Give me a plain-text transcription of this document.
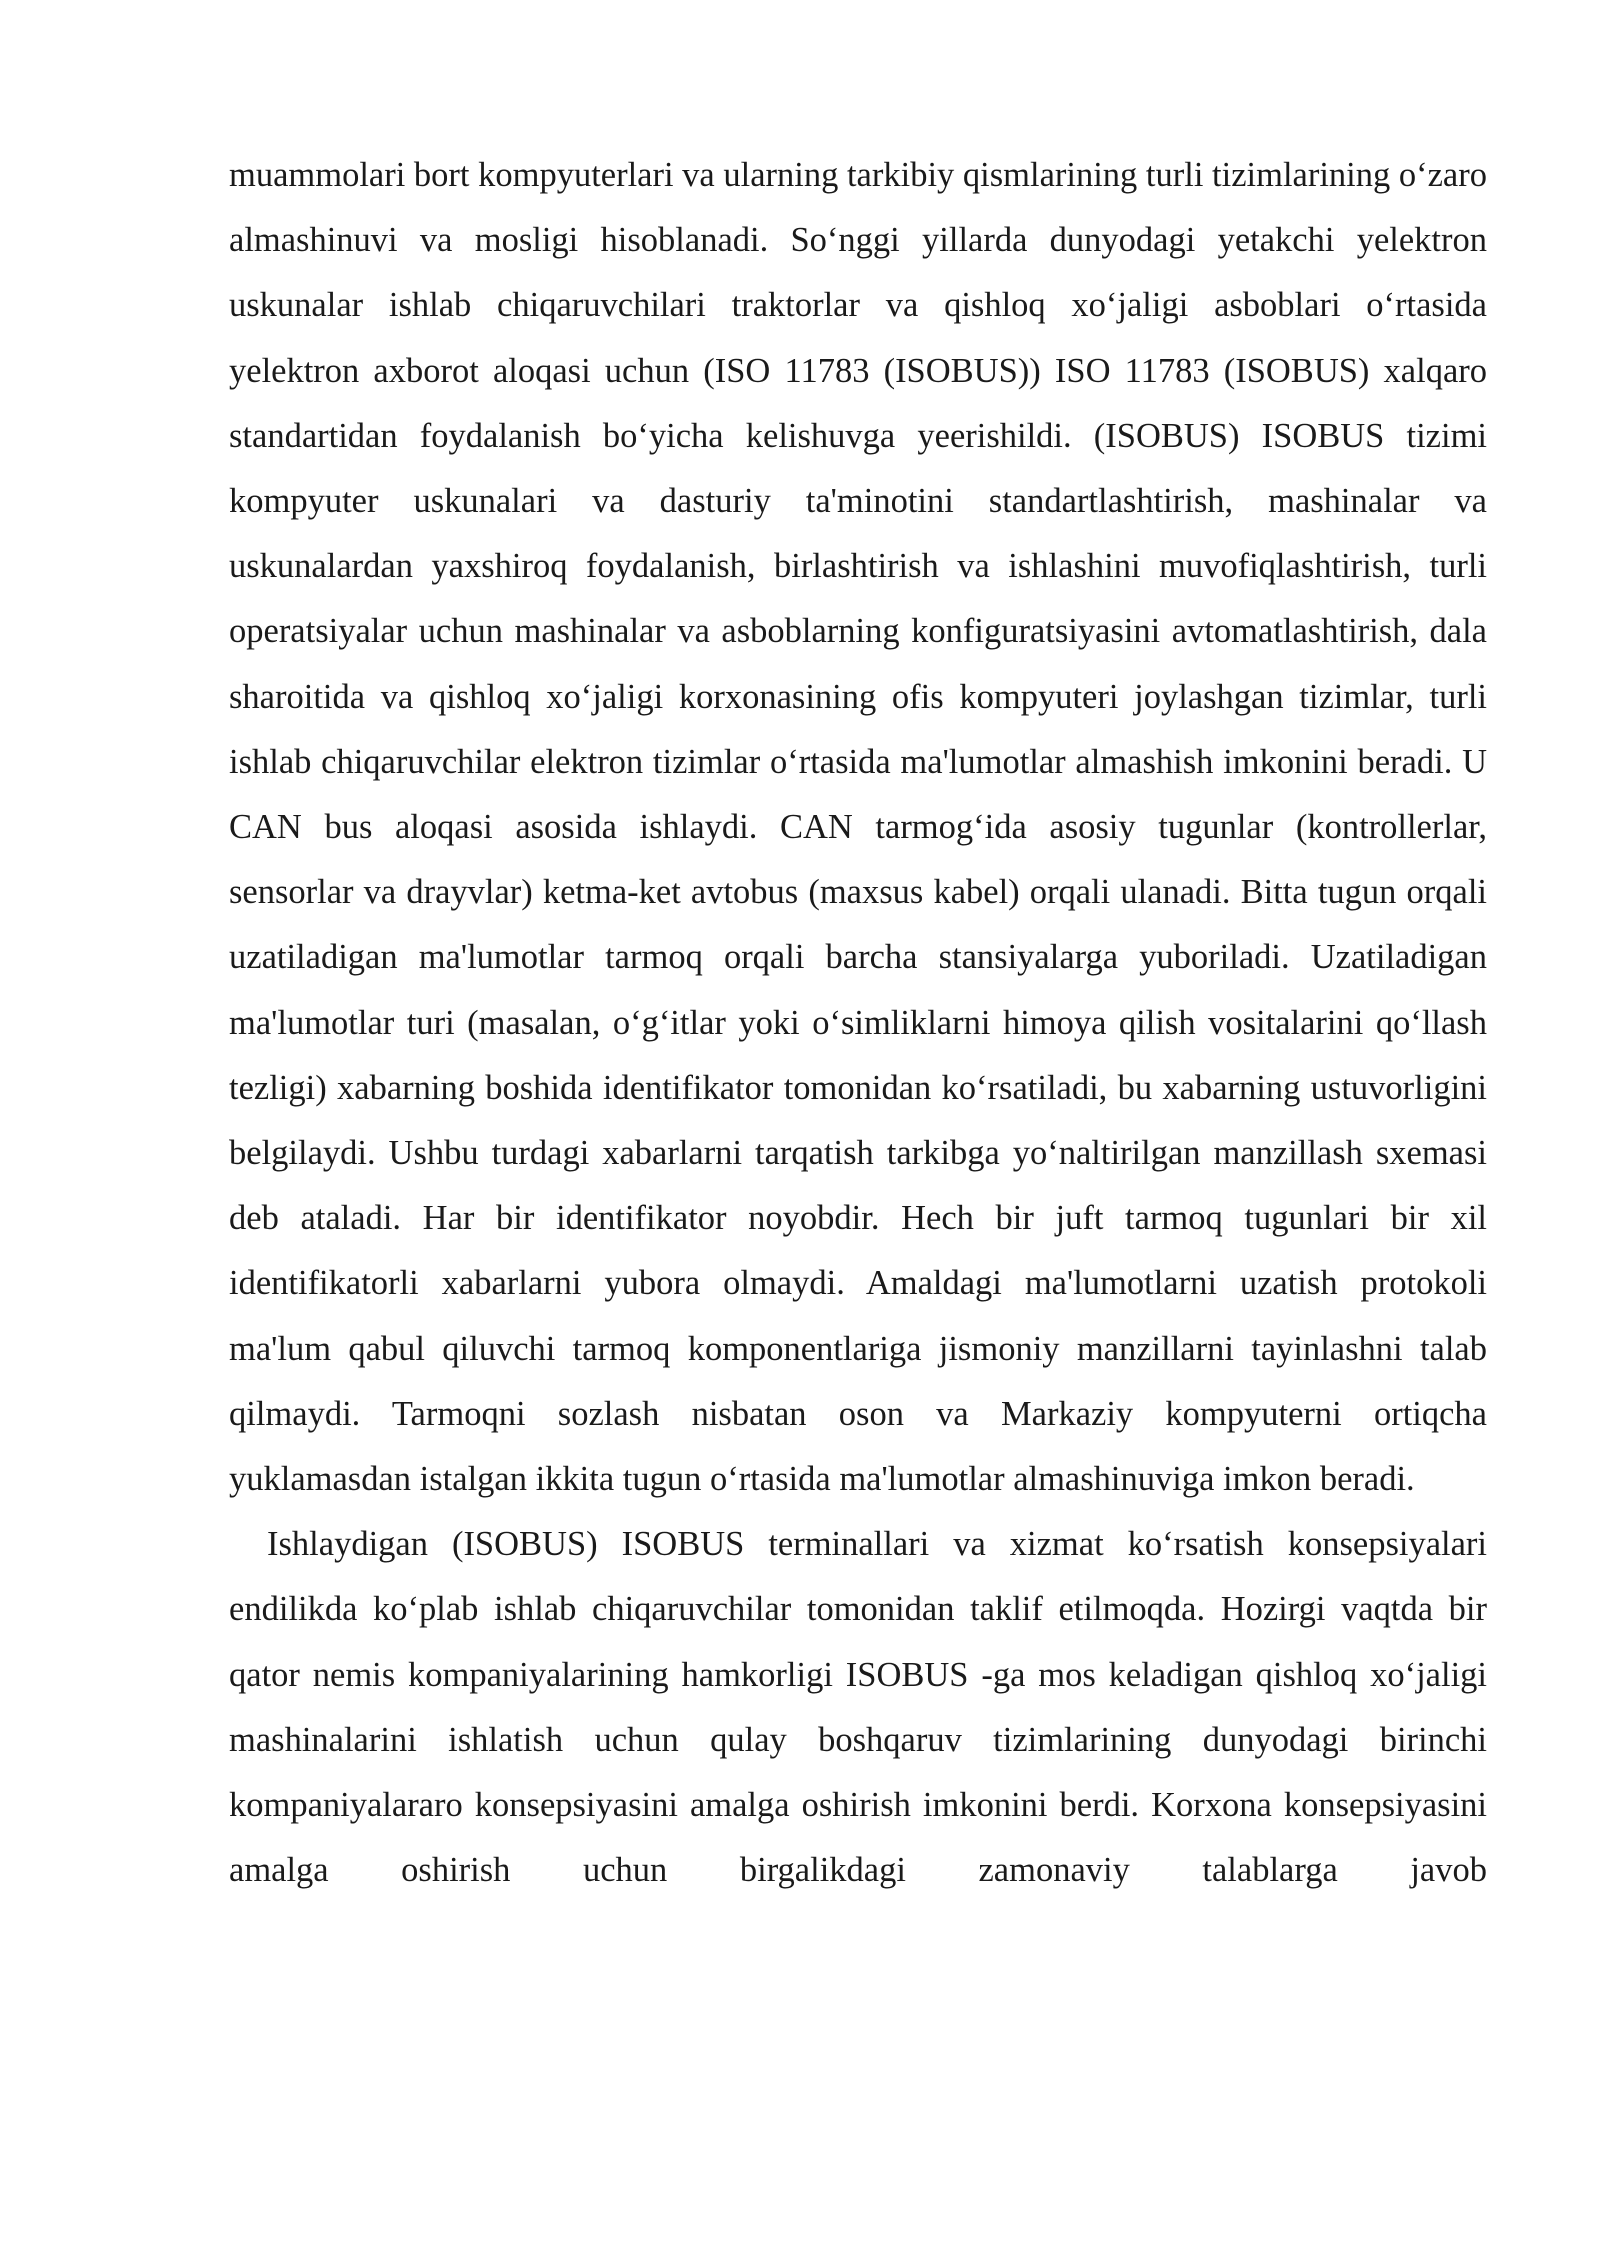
muammolari bort kompyuterlari va ularning tarkibiy qismlarining turli tizimlarining o‘zaro almashinuvi va mosligi hisoblanadi. So‘nggi yillarda dunyodagi yetakchi yelektron uskunalar ishlab chiqaruvchilari traktorlar va qishloq xo‘jaligi asboblari o‘rtasida yelektron axborot aloqasi uchun (ISO 11783 (ISOBUS)) ISO 11783 (ISOBUS) xalqaro standartidan foydalanish bo‘yicha kelishuvga yeerishildi. (ISOBUS) ISOBUS tizimi kompyuter uskunalari va dasturiy ta'minotini standartlashtirish, mashinalar va uskunalardan yaxshiroq foydalanish, birlashtirish va ishlashini muvofiqlashtirish, turli operatsiyalar uchun mashinalar va asboblarning konfiguratsiyasini avtomatlashtirish, dala sharoitida va qishloq xo‘jaligi korxonasining ofis kompyuteri joylashgan tizimlar, turli ishlab chiqaruvchilar elektron tizimlar o‘rtasida ma'lumotlar almashish imkonini beradi. U CAN bus aloqasi asosida ishlaydi. CAN tarmog‘ida asosiy tugunlar (kontrollerlar, sensorlar va drayvlar) ketma-ket avtobus (maxsus kabel) orqali ulanadi. Bitta tugun orqali uzatiladigan ma'lumotlar tarmoq orqali barcha stansiyalarga yuboriladi. Uzatiladigan ma'lumotlar turi (masalan, o‘g‘itlar yoki o‘simliklarni himoya qilish vositalarini qo‘llash tezligi) xabarning boshida identifikator tomonidan ko‘rsatiladi, bu xabarning ustuvorligini belgilaydi. Ushbu turdagi xabarlarni tarqatish tarkibga yo‘naltirilgan manzillash sxemasi deb ataladi. Har bir identifikator noyobdir. Hech bir juft tarmoq tugunlari bir xil identifikatorli xabarlarni yubora olmaydi. Amaldagi ma'lumotlarni uzatish protokoli ma'lum qabul qiluvchi tarmoq komponentlariga jismoniy manzillarni tayinlashni talab qilmaydi. Tarmoqni sozlash nisbatan oson va Markaziy kompyuterni ortiqcha yuklamasdan istalgan ikkita tugun o‘rtasida ma'lumotlar almashinuviga imkon beradi.

Ishlaydigan (ISOBUS) ISOBUS terminallari va xizmat ko‘rsatish konsepsiyalari endilikda ko‘plab ishlab chiqaruvchilar tomonidan taklif etilmoqda. Hozirgi vaqtda bir qator nemis kompaniyalarining hamkorligi ISOBUS -ga mos keladigan qishloq xo‘jaligi mashinalarini ishlatish uchun qulay boshqaruv tizimlarining dunyodagi birinchi kompaniyalararo konsepsiyasini amalga oshirish imkonini berdi. Korxona konsepsiyasini amalga oshirish uchun birgalikdagi zamonaviy talablarga javob
